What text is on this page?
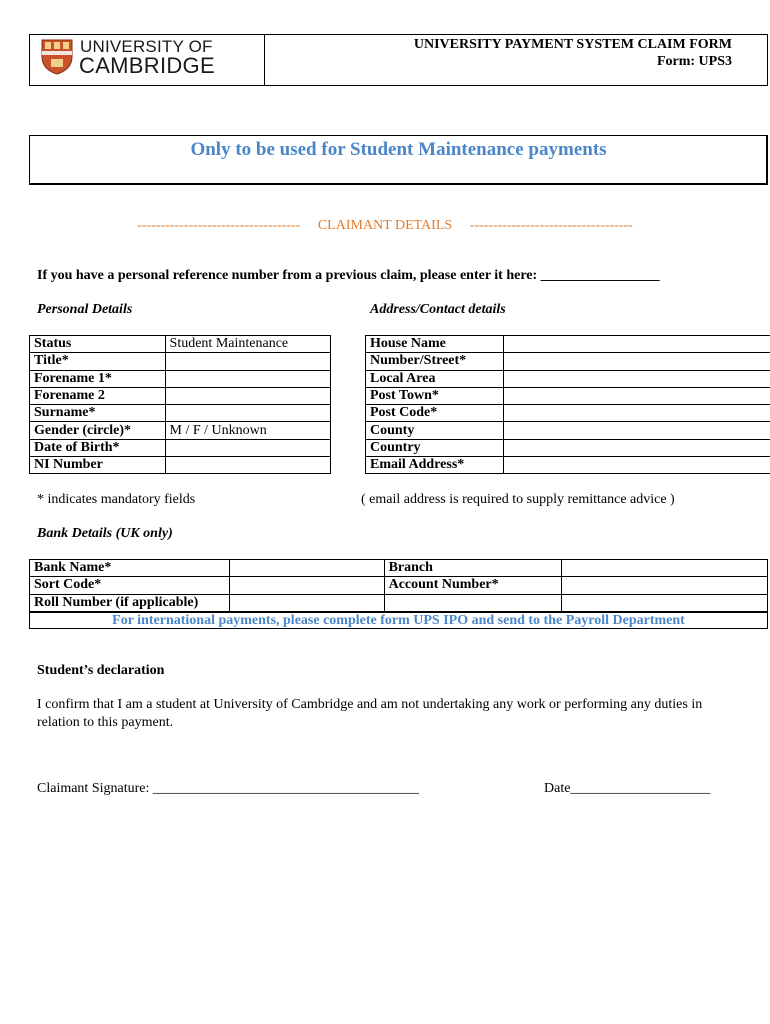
UNIVERSITY OF
CAMBRIDGE
UNIVERSITY PAYMENT SYSTEM CLAIM FORM
Form: UPS3
Only to be used for Student Maintenance payments
-----------------------------------     CLAIMANT DETAILS     -----------------------------------
If you have a personal reference number from a previous claim, please enter it here: _________________
Personal Details	Address/Contact details
Status	Student Maintenance
Title*	
Forename 1*	
Forename 2	
Surname*	
Gender (circle)*	M / F / Unknown
Date of Birth*	
NI Number	
House Name	
Number/Street*	
Local Area	
Post Town*	
Post Code*	
County	
Country	
Email Address*	
* indicates mandatory fields	( email address is required to supply remittance advice )
Bank Details (UK only)
Bank Name*		Branch	
Sort Code*		Account Number*	
Roll Number (if applicable)			
For international payments, please complete form UPS IPO and send to the Payroll Department
Student’s declaration
I confirm that I am a student at University of Cambridge and am not undertaking any work or performing any duties in relation to this payment.
Claimant Signature: ______________________________________	Date____________________
